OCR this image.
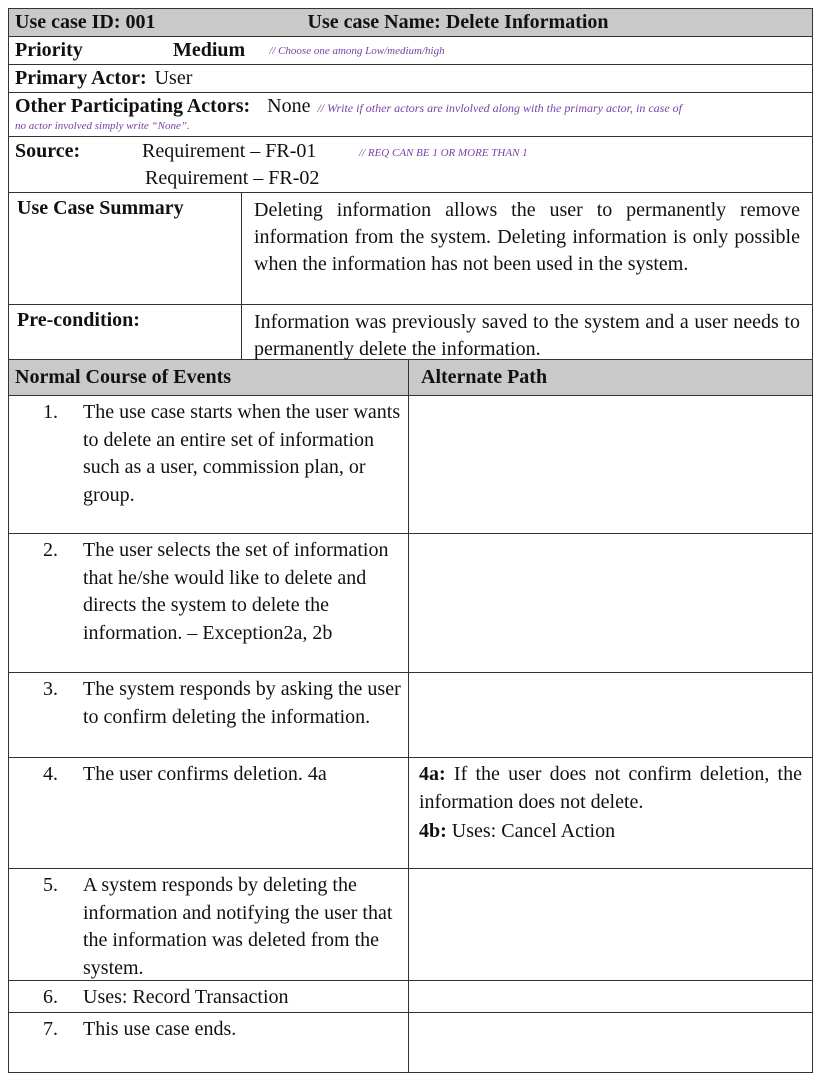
Use case ID: 001	Use case Name: Delete Information
Priority	Medium // Choose one among Low/medium/high
Primary Actor: User
Other Participating Actors: None // Write if other actors are invlolved along with the primary actor, in case of
no actor involved simply write “None”.
Source:	Requirement – FR-01	// REQ CAN BE 1 OR MORE THAN 1
Requirement – FR-02
Use Case Summary	Deleting information allows the user to permanently remove information from the system. Deleting information is only possible when the information has not been used in the system.
Pre-condition:	Information was previously saved to the system and a user needs to permanently delete the information.
Normal Course of Events	Alternate Path
1.	The use case starts when the user wants to delete an entire set of information such as a user, commission plan, or group.
2.	The user selects the set of information that he/she would like to delete and directs the system to delete the information. – Exception2a, 2b
3.	The system responds by asking the user to confirm deleting the information.
4.	The user confirms deletion. 4a	4a: If the user does not confirm deletion, the information does not delete.
4b: Uses: Cancel Action
5.	A system responds by deleting the information and notifying the user that the information was deleted from the system.
6.	Uses: Record Transaction
7.	This use case ends.
